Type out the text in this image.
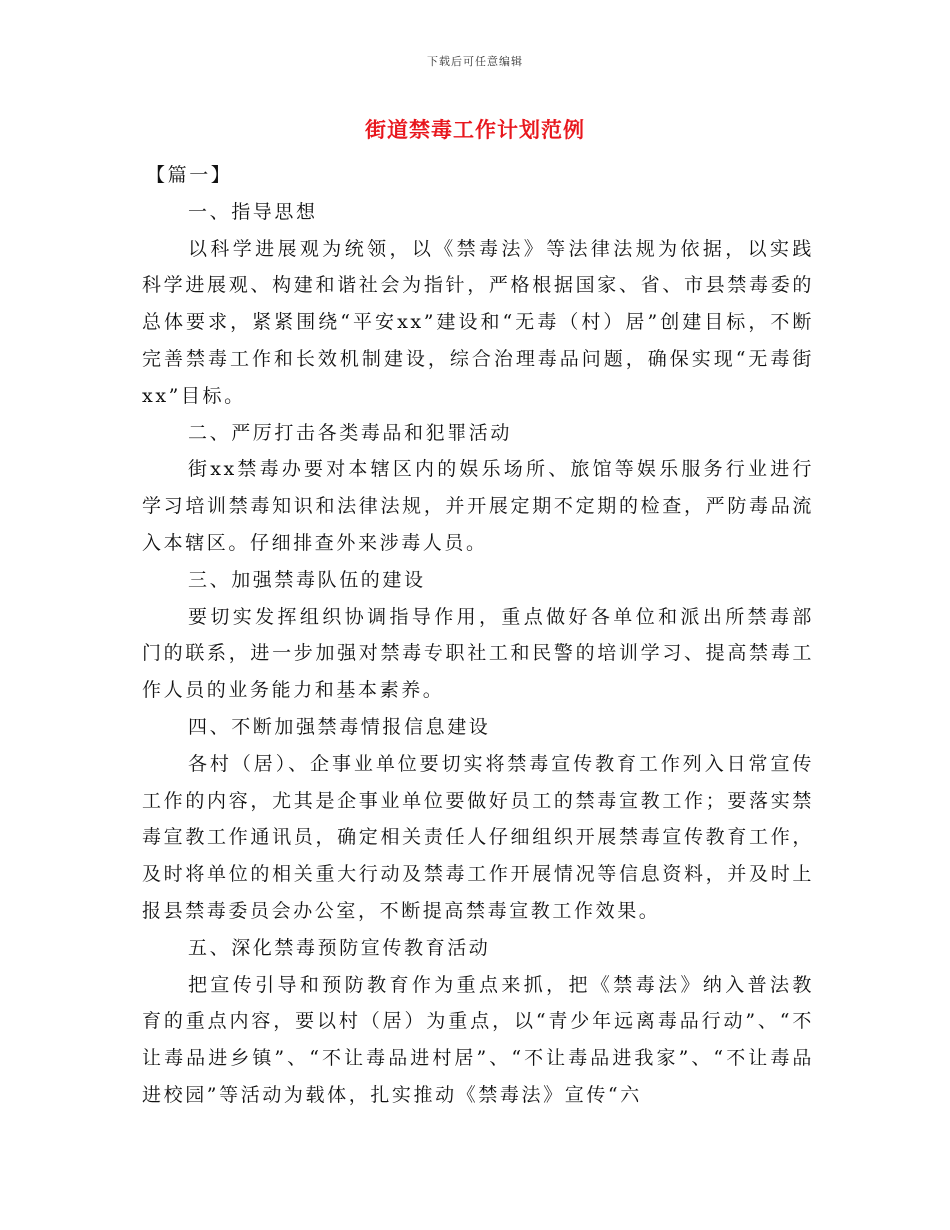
下载后可任意编辑
街道禁毒工作计划范例

【篇一】

一、指导思想

以科学进展观为统领，以《禁毒法》等法律法规为依据，以实践科学进展观、构建和谐社会为指针，严格根据国家、省、市县禁毒委的总体要求，紧紧围绕“平安xx”建设和“无毒（村）居”创建目标，不断完善禁毒工作和长效机制建设，综合治理毒品问题，确保实现“无毒街xx”目标。

二、严厉打击各类毒品和犯罪活动

街xx禁毒办要对本辖区内的娱乐场所、旅馆等娱乐服务行业进行学习培训禁毒知识和法律法规，并开展定期不定期的检查，严防毒品流入本辖区。仔细排查外来涉毒人员。

三、加强禁毒队伍的建设

要切实发挥组织协调指导作用，重点做好各单位和派出所禁毒部门的联系，进一步加强对禁毒专职社工和民警的培训学习、提高禁毒工作人员的业务能力和基本素养。

四、不断加强禁毒情报信息建设

各村（居）、企事业单位要切实将禁毒宣传教育工作列入日常宣传工作的内容，尤其是企事业单位要做好员工的禁毒宣教工作；要落实禁毒宣教工作通讯员，确定相关责任人仔细组织开展禁毒宣传教育工作，及时将单位的相关重大行动及禁毒工作开展情况等信息资料，并及时上报县禁毒委员会办公室，不断提高禁毒宣教工作效果。

五、深化禁毒预防宣传教育活动

把宣传引导和预防教育作为重点来抓，把《禁毒法》纳入普法教育的重点内容，要以村（居）为重点，以“青少年远离毒品行动”、“不让毒品进乡镇”、“不让毒品进村居”、“不让毒品进我家”、“不让毒品进校园”等活动为载体，扎实推动《禁毒法》宣传“六
